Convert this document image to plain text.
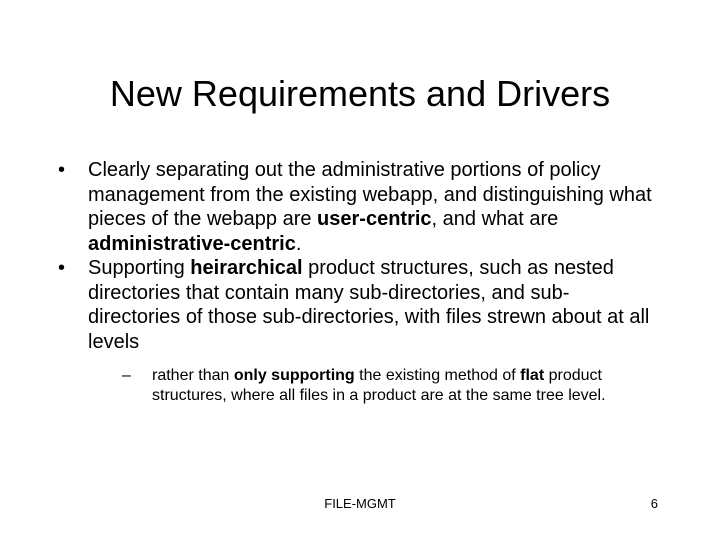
New Requirements and Drivers
• Clearly separating out the administrative portions of policy management from the existing webapp, and distinguishing what pieces of the webapp are user-centric, and what are administrative-centric.
• Supporting heirarchical product structures, such as nested directories that contain many sub-directories, and sub-directories of those sub-directories, with files strewn about at all levels
– rather than only supporting the existing method of flat product structures, where all files in a product are at the same tree level.
FILE-MGMT	6
